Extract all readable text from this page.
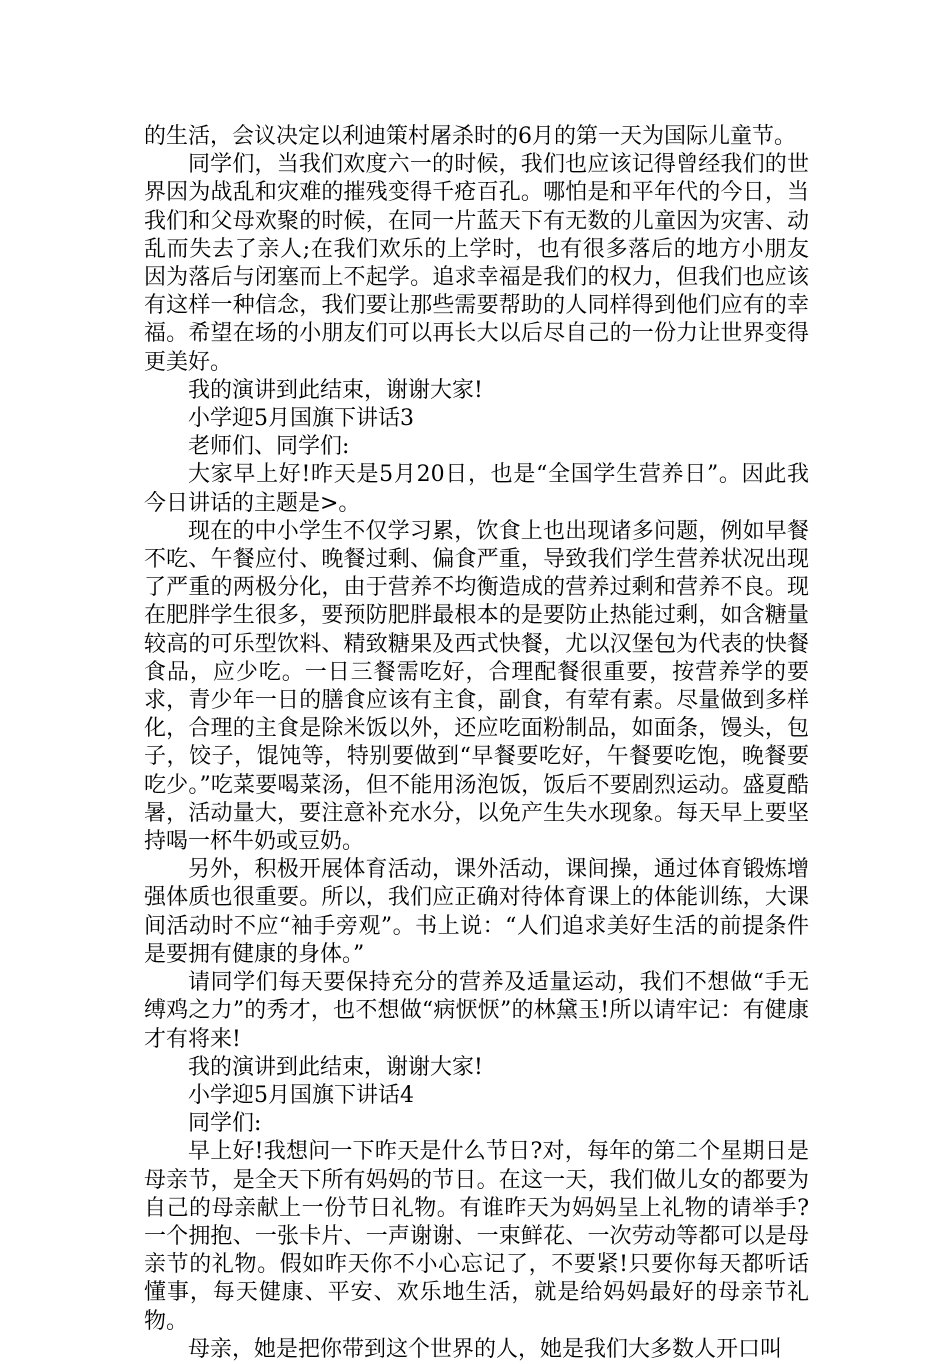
的生活，会议决定以利迪策村屠杀时的6月的第一天为国际儿童节。

同学们，当我们欢度六一的时候，我们也应该记得曾经我们的世界因为战乱和灾难的摧残变得千疮百孔。哪怕是和平年代的今日，当我们和父母欢聚的时候，在同一片蓝天下有无数的儿童因为灾害、动乱而失去了亲人;在我们欢乐的上学时，也有很多落后的地方小朋友因为落后与闭塞而上不起学。追求幸福是我们的权力，但我们也应该有这样一种信念，我们要让那些需要帮助的人同样得到他们应有的幸福。希望在场的小朋友们可以再长大以后尽自己的一份力让世界变得更美好。

我的演讲到此结束，谢谢大家!

小学迎5月国旗下讲话3

老师们、同学们:

大家早上好!昨天是5月20日，也是“全国学生营养日”。因此我今日讲话的主题是>。

现在的中小学生不仅学习累，饮食上也出现诸多问题，例如早餐不吃、午餐应付、晚餐过剩、偏食严重，导致我们学生营养状况出现了严重的两极分化，由于营养不均衡造成的营养过剩和营养不良。现在肥胖学生很多，要预防肥胖最根本的是要防止热能过剩，如含糖量较高的可乐型饮料、精致糖果及西式快餐，尤以汉堡包为代表的快餐食品，应少吃。一日三餐需吃好，合理配餐很重要，按营养学的要求，青少年一日的膳食应该有主食，副食，有荤有素。尽量做到多样化，合理的主食是除米饭以外，还应吃面粉制品，如面条，馒头，包子，饺子，馄饨等，特别要做到“早餐要吃好，午餐要吃饱，晚餐要吃少。”吃菜要喝菜汤，但不能用汤泡饭，饭后不要剧烈运动。盛夏酷暑，活动量大，要注意补充水分，以免产生失水现象。每天早上要坚持喝一杯牛奶或豆奶。

另外，积极开展体育活动，课外活动，课间操，通过体育锻炼增强体质也很重要。所以，我们应正确对待体育课上的体能训练，大课间活动时不应“袖手旁观”。书上说：“人们追求美好生活的前提条件是要拥有健康的身体。”

请同学们每天要保持充分的营养及适量运动，我们不想做“手无缚鸡之力”的秀才，也不想做“病恹恹”的林黛玉!所以请牢记：有健康才有将来!

我的演讲到此结束，谢谢大家!

小学迎5月国旗下讲话4

同学们:

早上好!我想问一下昨天是什么节日?对，每年的第二个星期日是母亲节，是全天下所有妈妈的节日。在这一天，我们做儿女的都要为自己的母亲献上一份节日礼物。有谁昨天为妈妈呈上礼物的请举手?一个拥抱、一张卡片、一声谢谢、一束鲜花、一次劳动等都可以是母亲节的礼物。假如昨天你不小心忘记了，不要紧!只要你每天都听话懂事，每天健康、平安、欢乐地生活，就是给妈妈最好的母亲节礼物。

母亲，她是把你带到这个世界的人，她是我们大多数人开口叫
